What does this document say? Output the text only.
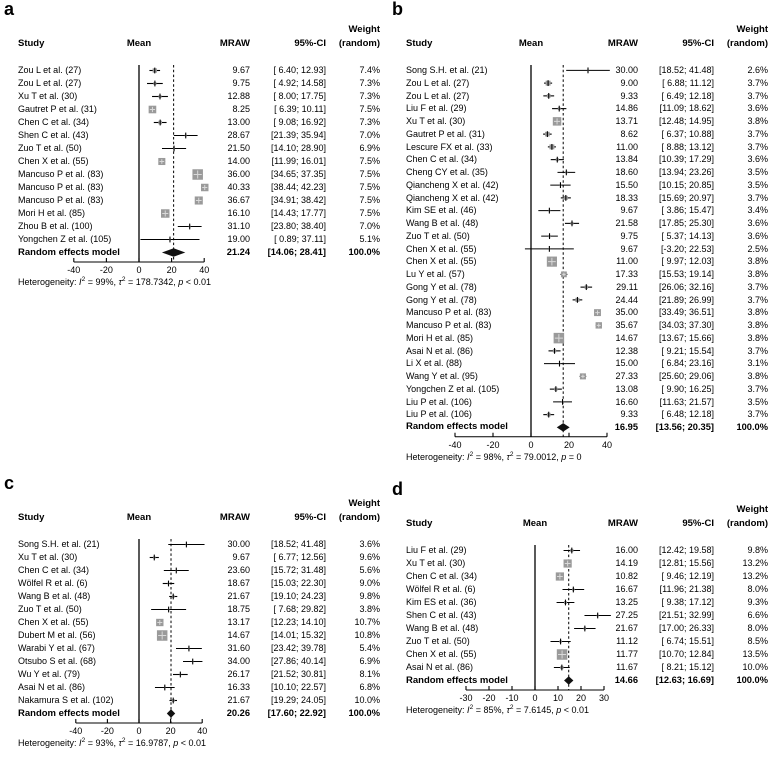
a
Weight
Study	Mean	MRAW	95%-CI (random)
-40 -20	0	20	40
Heterogeneity: $I^2 = 99\%$, $\tau^2 = 178.7342$, p < 0.01
Zou L et al. (27)	9.67	[ 6.40; 12.93]	7.4%
Zou L et al. (27)	9.75	[ 4.92; 14.58]	7.3%
Xu T et al. (30)	12.88	[ 8.00; 17.75]	7.3%
Gautret P et al. (31)	8.25	[ 6.39; 10.11]	7.5%
Chen C et al. (34)	13.00	[ 9.08; 16.92]	7.3%
Shen C et al. (43)	28.67 [21.39; 35.94]	7.0%
Zuo T et al. (50)	21.50 [14.10; 28.90]	6.9%
Chen X et al. (55)	14.00 [11.99; 16.01]	7.5%
Mancuso P et al. (83)	36.00 [34.65; 37.35]	7.5%
Mancuso P et al. (83)	40.33 [38.44; 42.23]	7.5%
Mancuso P et al. (83)	36.67 [34.91; 38.42]	7.5%
Mori H et al. (85)	16.10 [14.43; 17.77]	7.5%
Zhou B et al. (100)	31.10 [23.80; 38.40]	7.0%
Yongchen Z et al. (105)	19.00	[ 0.89; 37.11]	5.1%
Random effects model	21.24 [14.06; 28.41] 100.0%
b
Weight
Study	Mean	MRAW	95%-CI (random)
-40	-20	0	20	40
Heterogeneity: $I^2 = 98\%$, $\tau^2 = 79.0012$, p = 0
Song S.H. et al. (21)	30.00 [18.52; 41.48]	2.6%
Zou L et al. (27)	9.00	[ 6.88; 11.12]	3.7%
Zou L et al. (27)	9.33	[ 6.49; 12.18]	3.7%
Liu F et al. (29)	14.86 [11.09; 18.62]	3.6%
Xu T et al. (30)	13.71 [12.48; 14.95]	3.8%
Gautret P et al. (31)	8.62	[ 6.37; 10.88]	3.7%
Lescure FX et al. (33)	11.00	[ 8.88; 13.12]	3.7%
Chen C et al. (34)	13.84 [10.39; 17.29]	3.6%
Cheng CY et al. (35)	18.60 [13.94; 23.26]	3.5%
Qiancheng X et al. (42)	15.50 [10.15; 20.85]	3.5%
Qiancheng X et al. (42)	18.33 [15.69; 20.97]	3.7%
Kim SE et al. (46)	9.67	[ 3.86; 15.47]	3.4%
Wang B et al. (48)	21.58 [17.85; 25.30]	3.6%
Zuo T et al. (50)	9.75	[ 5.37; 14.13]	3.6%
Chen X et al. (55)	9.67	[-3.20; 22.53]	2.5%
Chen X et al. (55)	11.00	[ 9.97; 12.03]	3.8%
Lu Y et al. (57)	17.33 [15.53; 19.14]	3.8%
Gong Y et al. (78)	29.11 [26.06; 32.16]	3.7%
Gong Y et al. (78)	24.44 [21.89; 26.99]	3.7%
Mancuso P et al. (83)	35.00 [33.49; 36.51]	3.8%
Mancuso P et al. (83)	35.67 [34.03; 37.30]	3.8%
Mori H et al. (85)	14.67 [13.67; 15.66]	3.8%
Asai N et al. (86)	12.38	[ 9.21; 15.54]	3.7%
Li X et al. (88)	15.00	[ 6.84; 23.16]	3.1%
Wang Y et al. (95)	27.33 [25.60; 29.06]	3.8%
Yongchen Z et al. (105)	13.08	[ 9.90; 16.25]	3.7%
Liu P et al. (106)	16.60 [11.63; 21.57]	3.5%
Liu P et al. (106)	9.33	[ 6.48; 12.18]	3.7%
Random effects model	16.95 [13.56; 20.35] 100.0%
c
Weight
Study	Mean	MRAW	95%-CI (random)
-40 -20	0	20 40
Heterogeneity: $I^2 = 93\%$, $\tau^2 = 16.9787$, p < 0.01
Song S.H. et al. (21)	30.00 [18.52; 41.48]	3.6%
Xu T et al. (30)	9.67	[ 6.77; 12.56]	9.6%
Chen C et al. (34)	23.60 [15.72; 31.48]	5.6%
Wölfel R et al. (6)	18.67 [15.03; 22.30]	9.0%
Wang B et al. (48)	21.67 [19.10; 24.23]	9.8%
Zuo T et al. (50)	18.75	[ 7.68; 29.82]	3.8%
Chen X et al. (55)	13.17 [12.23; 14.10]	10.7%
Dubert M et al. (56)	14.67 [14.01; 15.32]	10.8%
Warabi Y et al. (67)	31.60 [23.42; 39.78]	5.4%
Otsubo S et al. (68)	34.00 [27.86; 40.14]	6.9%
Wu Y et al. (79)	26.17 [21.52; 30.81]	8.1%
Asai N et al. (86)	16.33 [10.10; 22.57]	6.8%
Nakamura S et al. (102)	21.67 [19.29; 24.05]	10.0%
Random effects model	20.26 [17.60; 22.92] 100.0%
d
Weight
Study	Mean	MRAW	95%-CI (random)
-30 -20 -10 0 10 20 30
Heterogeneity: $I^2 = 85\%$, $\tau^2 = 7.6145$, p < 0.01
Liu F et al. (29)	16.00 [12.42; 19.58]	9.8%
Xu T et al. (30)	14.19 [12.81; 15.56]	13.2%
Chen C et al. (34)	10.82	[ 9.46; 12.19]	13.2%
Wölfel R et al. (6)	16.67 [11.96; 21.38]	8.0%
Kim ES et al. (36)	13.25	[ 9.38; 17.12]	9.3%
Shen C et al. (43)	27.25 [21.51; 32.99]	6.6%
Wang B et al. (48)	21.67 [17.00; 26.33]	8.0%
Zuo T et al. (50)	11.12	[ 6.74; 15.51]	8.5%
Chen X et al. (55)	11.77 [10.70; 12.84]	13.5%
Asai N et al. (86)	11.67	[ 8.21; 15.12]	10.0%
Random effects model	14.66 [12.63; 16.69] 100.0%
